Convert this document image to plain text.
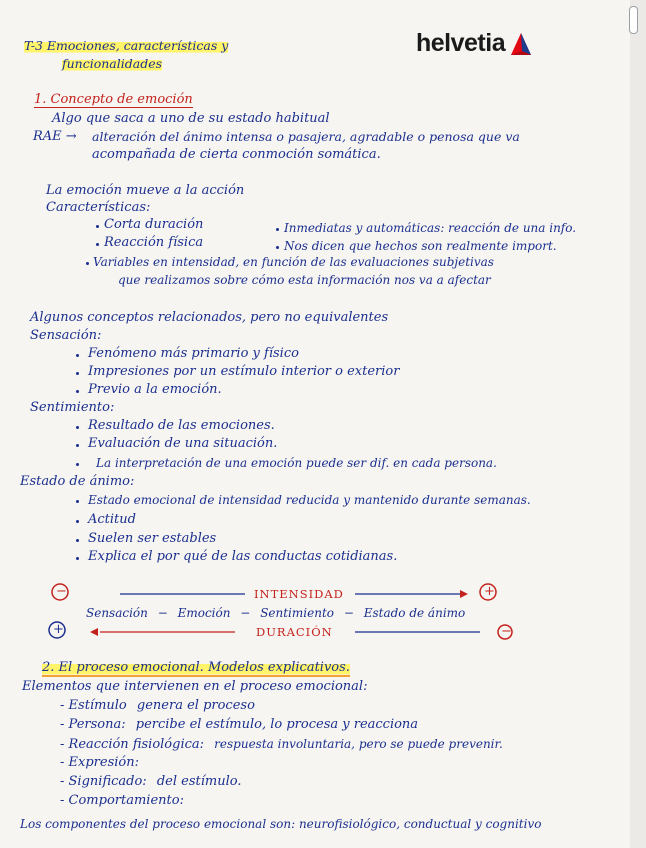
T-3 Emociones, características y
funcionalidades
helvetia
1. Concepto de emoción
Algo que saca a uno de su estado habitual
RAE → alteración del ánimo intensa o pasajera, agradable o penosa que va
acompañada de cierta conmoción somática.
La emoción mueve a la acción
Características:
Corta duración
Reacción física
Inmediatas y automáticas: reacción de una info.
Nos dicen que hechos son realmente import.
Variables en intensidad, en función de las evaluaciones subjetivas
que realizamos sobre cómo esta información nos va a afectar
Algunos conceptos relacionados, pero no equivalentes
Sensación:
Fenómeno más primario y físico
Impresiones por un estímulo interior o exterior
Previo a la emoción.
Sentimiento:
Resultado de las emociones.
Evaluación de una situación.
La interpretación de una emoción puede ser dif. en cada persona.
Estado de ánimo:
Estado emocional de intensidad reducida y mantenido durante semanas.
Actitud
Suelen ser estables
Explica el por qué de las conductas cotidianas.
−	+
+	−
INTENSIDAD
DURACIÓN
Sensación − Emoción − Sentimiento − Estado de ánimo
2. El proceso emocional. Modelos explicativos.
Elementos que intervienen en el proceso emocional:
- Estímulo genera el proceso
- Persona: percibe el estímulo, lo procesa y reacciona
- Reacción fisiológica: respuesta involuntaria, pero se puede prevenir.
- Expresión:
- Significado: del estímulo.
- Comportamiento:
Los componentes del proceso emocional son: neurofisiológico, conductual y cognitivo
